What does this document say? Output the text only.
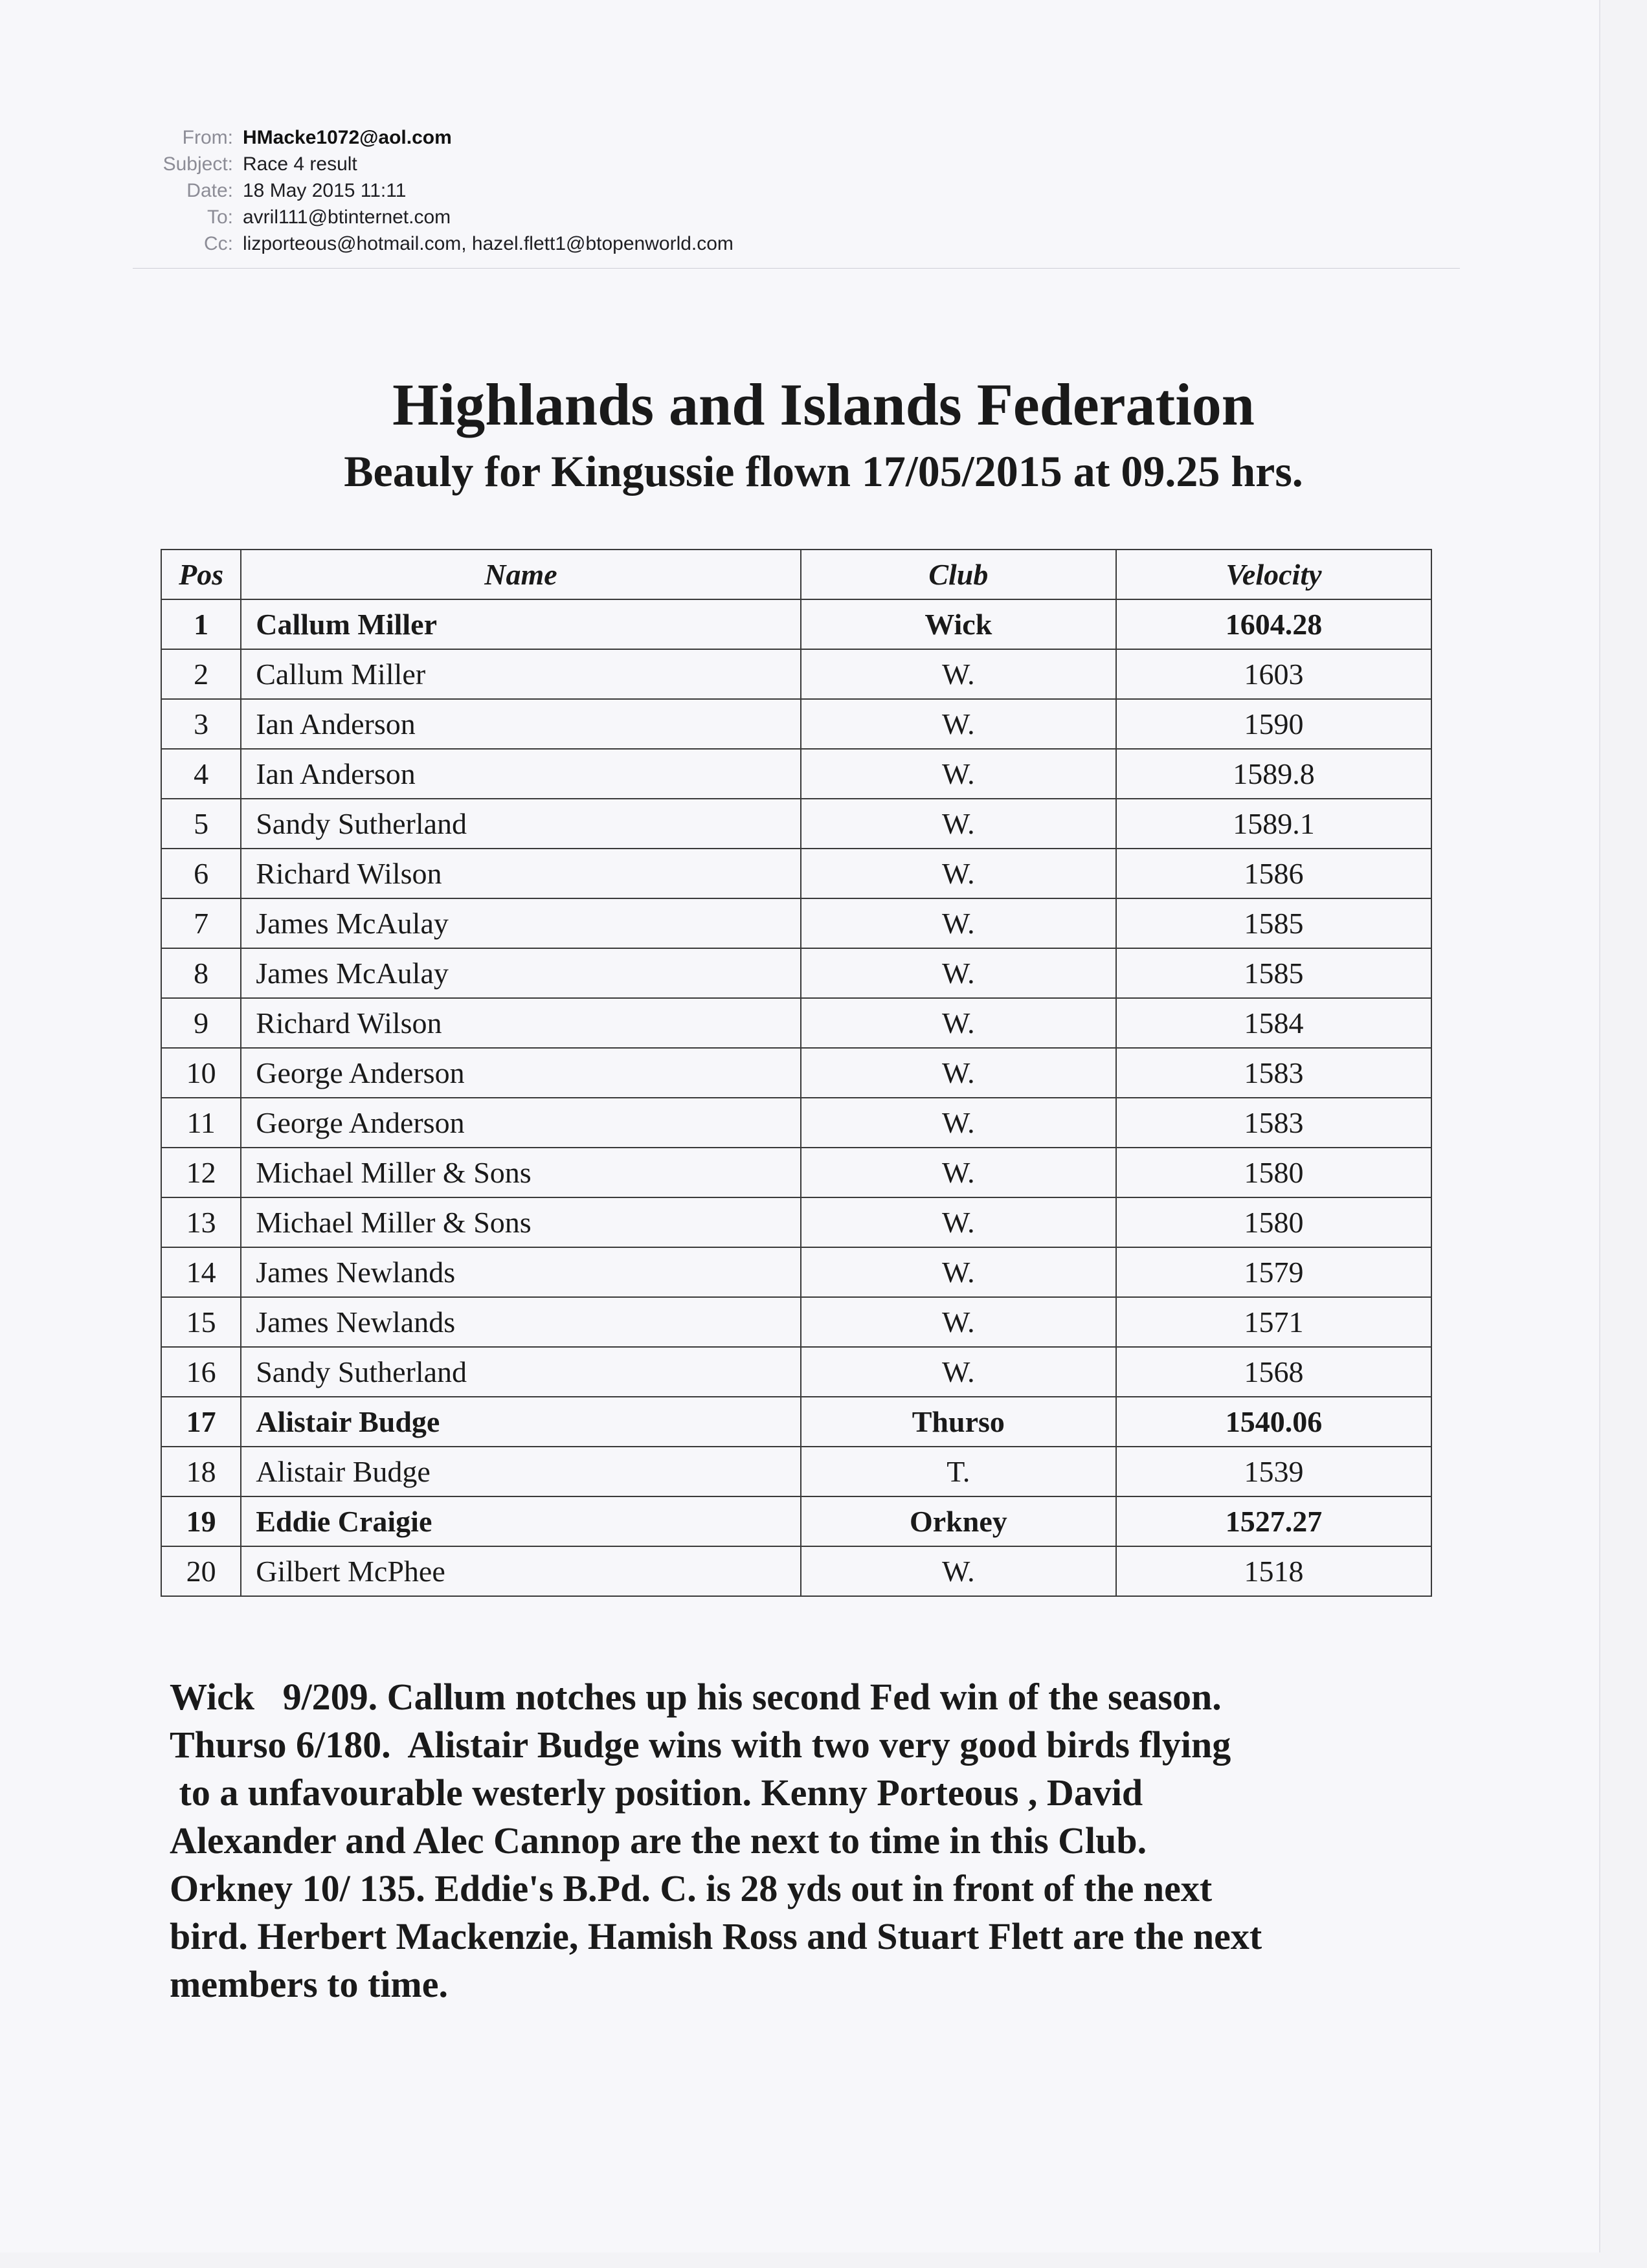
From: HMacke1072@aol.com
Subject: Race 4 result
Date: 18 May 2015 11:11
To: avril111@btinternet.com
Cc: lizporteous@hotmail.com, hazel.flett1@btopenworld.com
Highlands and Islands Federation
Beauly for Kingussie flown 17/05/2015 at 09.25 hrs.
Pos	Name	Club	Velocity
1	Callum Miller	Wick	1604.28
2	Callum Miller	W.	1603
3	Ian Anderson	W.	1590
4	Ian Anderson	W.	1589.8
5	Sandy Sutherland	W.	1589.1
6	Richard Wilson	W.	1586
7	James McAulay	W.	1585
8	James McAulay	W.	1585
9	Richard Wilson	W.	1584
10	George Anderson	W.	1583
11	George Anderson	W.	1583
12	Michael Miller & Sons	W.	1580
13	Michael Miller & Sons	W.	1580
14	James Newlands	W.	1579
15	James Newlands	W.	1571
16	Sandy Sutherland	W.	1568
17	Alistair Budge	Thurso	1540.06
18	Alistair Budge	T.	1539
19	Eddie Craigie	Orkney	1527.27
20	Gilbert McPhee	W.	1518

Wick   9/209. Callum notches up his second Fed win of the season.

Thurso 6/180.  Alistair Budge wins with two very good birds flying

to a unfavourable westerly position. Kenny Porteous , David

Alexander and Alec Cannop are the next to time in this Club.

Orkney 10/ 135. Eddie's B.Pd. C. is 28 yds out in front of the next

bird. Herbert Mackenzie, Hamish Ross and Stuart Flett are the next

members to time.
